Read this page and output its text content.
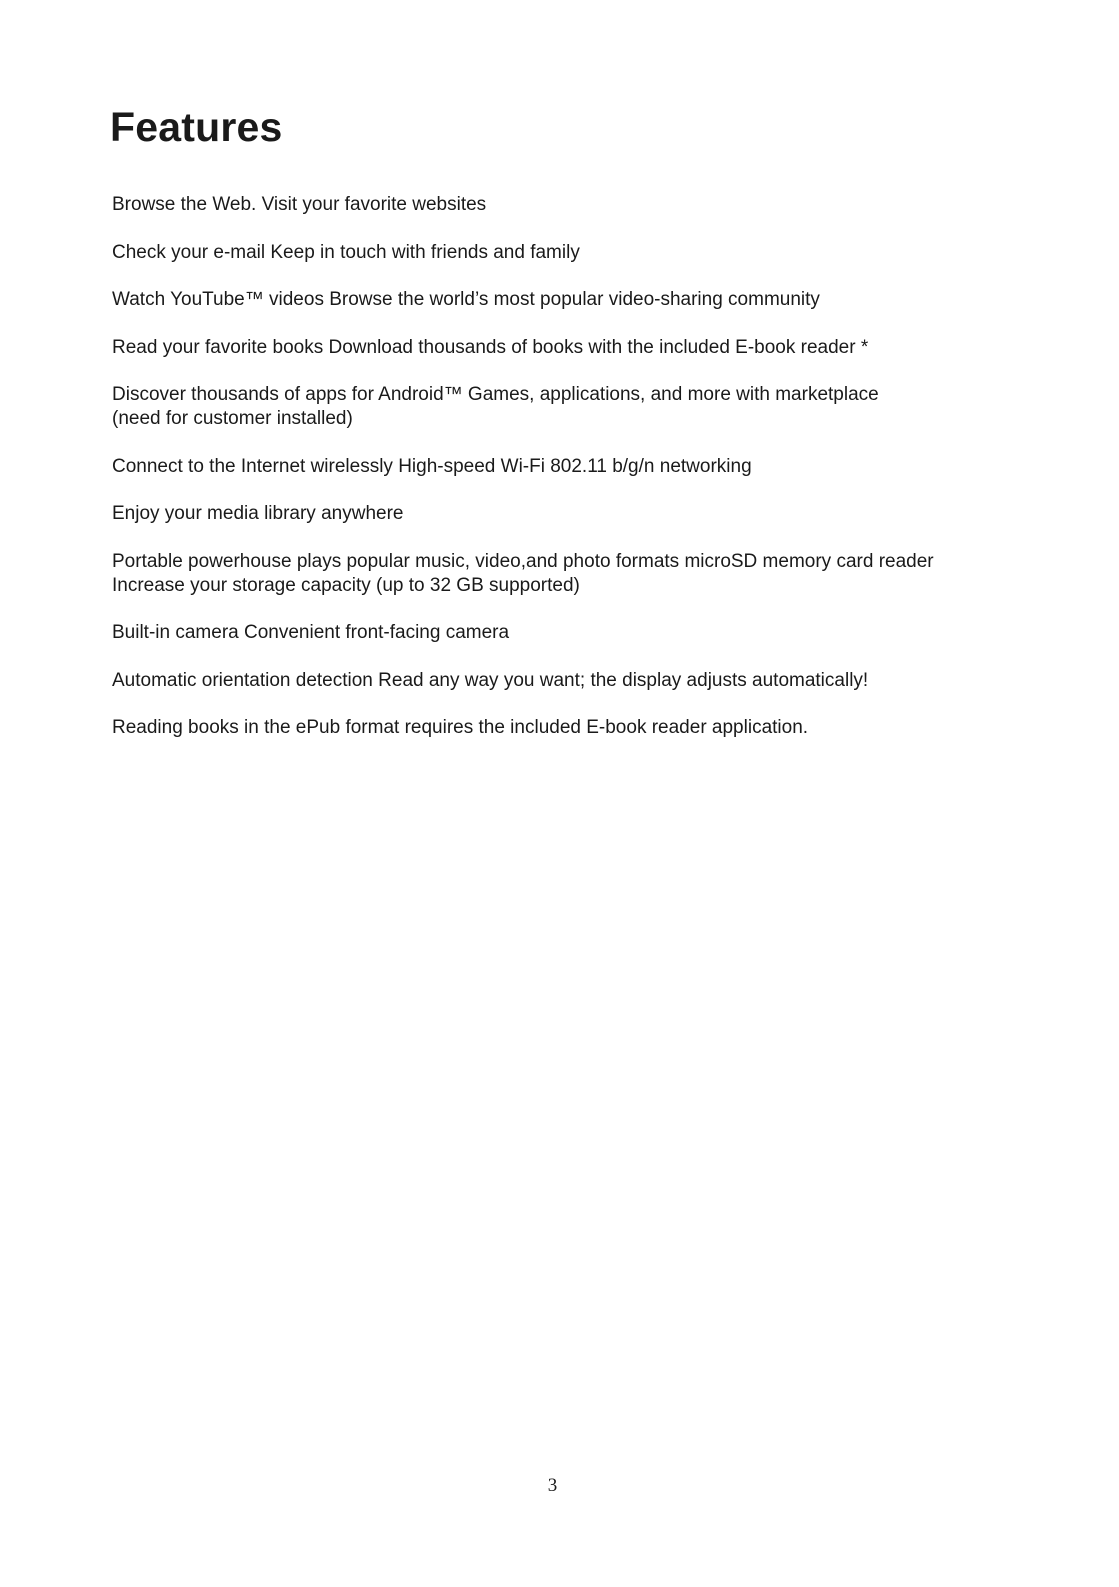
Features
Browse the Web. Visit your favorite websites
Check your e-mail Keep in touch with friends and family
Watch YouTube™ videos Browse the world’s most popular video-sharing community
Read your favorite books Download thousands of books with the included E-book reader *
Discover thousands of apps for Android™ Games, applications, and more with marketplace
(need for customer installed)
Connect to the Internet wirelessly High-speed Wi-Fi 802.11 b/g/n networking
Enjoy your media library anywhere
Portable powerhouse plays popular music, video,and photo formats microSD memory card reader
Increase your storage capacity (up to 32 GB supported)
Built-in camera Convenient front-facing camera
Automatic orientation detection Read any way you want; the display adjusts automatically!
Reading books in the ePub format requires the included E-book reader application.
3
